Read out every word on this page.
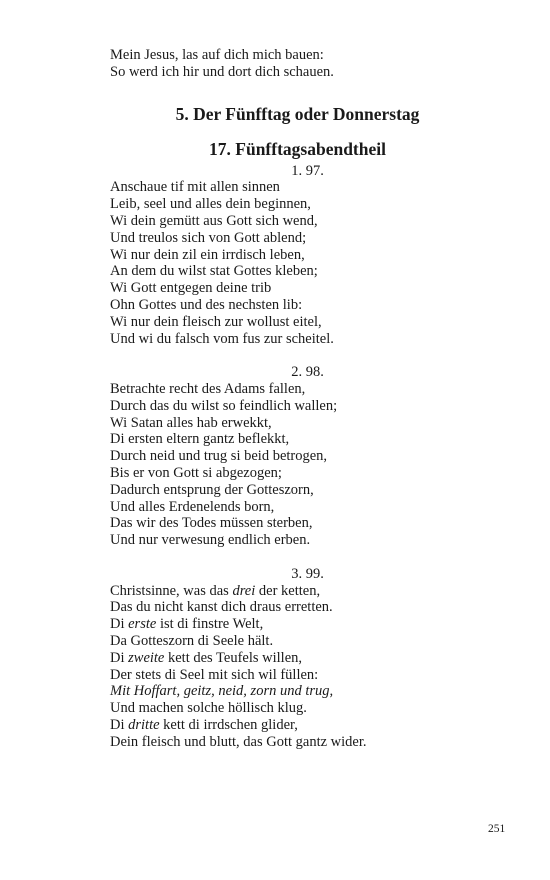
Mein Jesus, las auf dich mich bauen:
So werd ich hir und dort dich schauen.
5. Der Fünfftag oder Donnerstag
17. Fünfftagsabendtheil
1. 97.
Anschaue tif mit allen sinnen
Leib, seel und alles dein beginnen,
Wi dein gemütt aus Gott sich wend,
Und treulos sich von Gott ablend;
Wi nur dein zil ein irrdisch leben,
An dem du wilst stat Gottes kleben;
Wi Gott entgegen deine trib
Ohn Gottes und des nechsten lib:
Wi nur dein fleisch zur wollust eitel,
Und wi du falsch vom fus zur scheitel.
2. 98.
Betrachte recht des Adams fallen,
Durch das du wilst so feindlich wallen;
Wi Satan alles hab erwekkt,
Di ersten eltern gantz beflekkt,
Durch neid und trug si beid betrogen,
Bis er von Gott si abgezogen;
Dadurch entsprung der Gotteszorn,
Und alles Erdenelends born,
Das wir des Todes müssen sterben,
Und nur verwesung endlich erben.
3. 99.
Christsinne, was das drei der ketten,
Das du nicht kanst dich draus erretten.
Di erste ist di finstre Welt,
Da Gotteszorn di Seele hält.
Di zweite kett des Teufels willen,
Der stets di Seel mit sich wil füllen:
Mit Hoffart, geitz, neid, zorn und trug,
Und machen solche höllisch klug.
Di dritte kett di irrdschen glider,
Dein fleisch und blutt, das Gott gantz wider.
251
